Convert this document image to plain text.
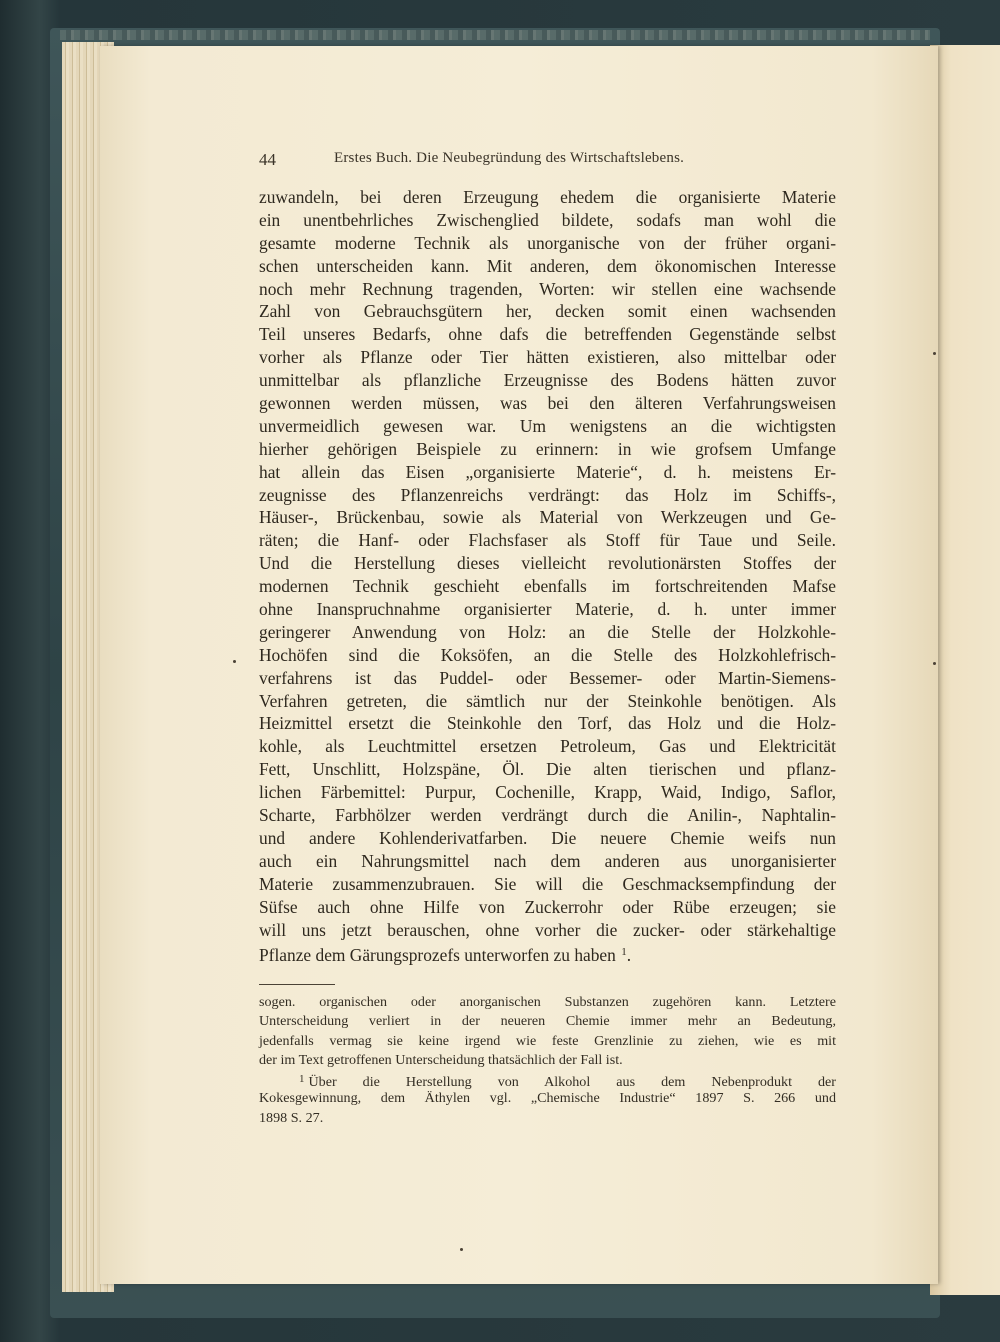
44	Erstes Buch. Die Neubegründung des Wirtschaftslebens.
zuwandeln, bei deren Erzeugung ehedem die organisierte Materie
ein unentbehrliches Zwischenglied bildete, sodafs man wohl die
gesamte moderne Technik als unorganische von der früher organi-
schen unterscheiden kann. Mit anderen, dem ökonomischen Interesse
noch mehr Rechnung tragenden, Worten: wir stellen eine wachsende
Zahl von Gebrauchsgütern her, decken somit einen wachsenden
Teil unseres Bedarfs, ohne dafs die betreffenden Gegenstände selbst
vorher als Pflanze oder Tier hätten existieren, also mittelbar oder
unmittelbar als pflanzliche Erzeugnisse des Bodens hätten zuvor
gewonnen werden müssen, was bei den älteren Verfahrungsweisen
unvermeidlich gewesen war. Um wenigstens an die wichtigsten
hierher gehörigen Beispiele zu erinnern: in wie grofsem Umfange
hat allein das Eisen „organisierte Materie“, d. h. meistens Er-
zeugnisse des Pflanzenreichs verdrängt: das Holz im Schiffs-,
Häuser-, Brückenbau, sowie als Material von Werkzeugen und Ge-
räten; die Hanf- oder Flachsfaser als Stoff für Taue und Seile.
Und die Herstellung dieses vielleicht revolutionärsten Stoffes der
modernen Technik geschieht ebenfalls im fortschreitenden Mafse
ohne Inanspruchnahme organisierter Materie, d. h. unter immer
geringerer Anwendung von Holz: an die Stelle der Holzkohle-
Hochöfen sind die Koksöfen, an die Stelle des Holzkohlefrisch-
verfahrens ist das Puddel- oder Bessemer- oder Martin-Siemens-
Verfahren getreten, die sämtlich nur der Steinkohle benötigen. Als
Heizmittel ersetzt die Steinkohle den Torf, das Holz und die Holz-
kohle, als Leuchtmittel ersetzen Petroleum, Gas und Elektricität
Fett, Unschlitt, Holzspäne, Öl. Die alten tierischen und pflanz-
lichen Färbemittel: Purpur, Cochenille, Krapp, Waid, Indigo, Saflor,
Scharte, Farbhölzer werden verdrängt durch die Anilin-, Naphtalin-
und andere Kohlenderivatfarben. Die neuere Chemie weifs nun
auch ein Nahrungsmittel nach dem anderen aus unorganisierter
Materie zusammenzubrauen. Sie will die Geschmacksempfindung der
Süfse auch ohne Hilfe von Zuckerrohr oder Rübe erzeugen; sie
will uns jetzt berauschen, ohne vorher die zucker- oder stärkehaltige
Pflanze dem Gärungsprozefs unterworfen zu haben $^1$.
sogen. organischen oder anorganischen Substanzen zugehören kann. Letztere
Unterscheidung verliert in der neueren Chemie immer mehr an Bedeutung,
jedenfalls vermag sie keine irgend wie feste Grenzlinie zu ziehen, wie es mit
der im Text getroffenen Unterscheidung thatsächlich der Fall ist.
$^1$ Über die Herstellung von Alkohol aus dem Nebenprodukt der
Kokesgewinnung, dem Äthylen vgl. „Chemische Industrie“ 1897 S. 266 und
1898 S. 27.
